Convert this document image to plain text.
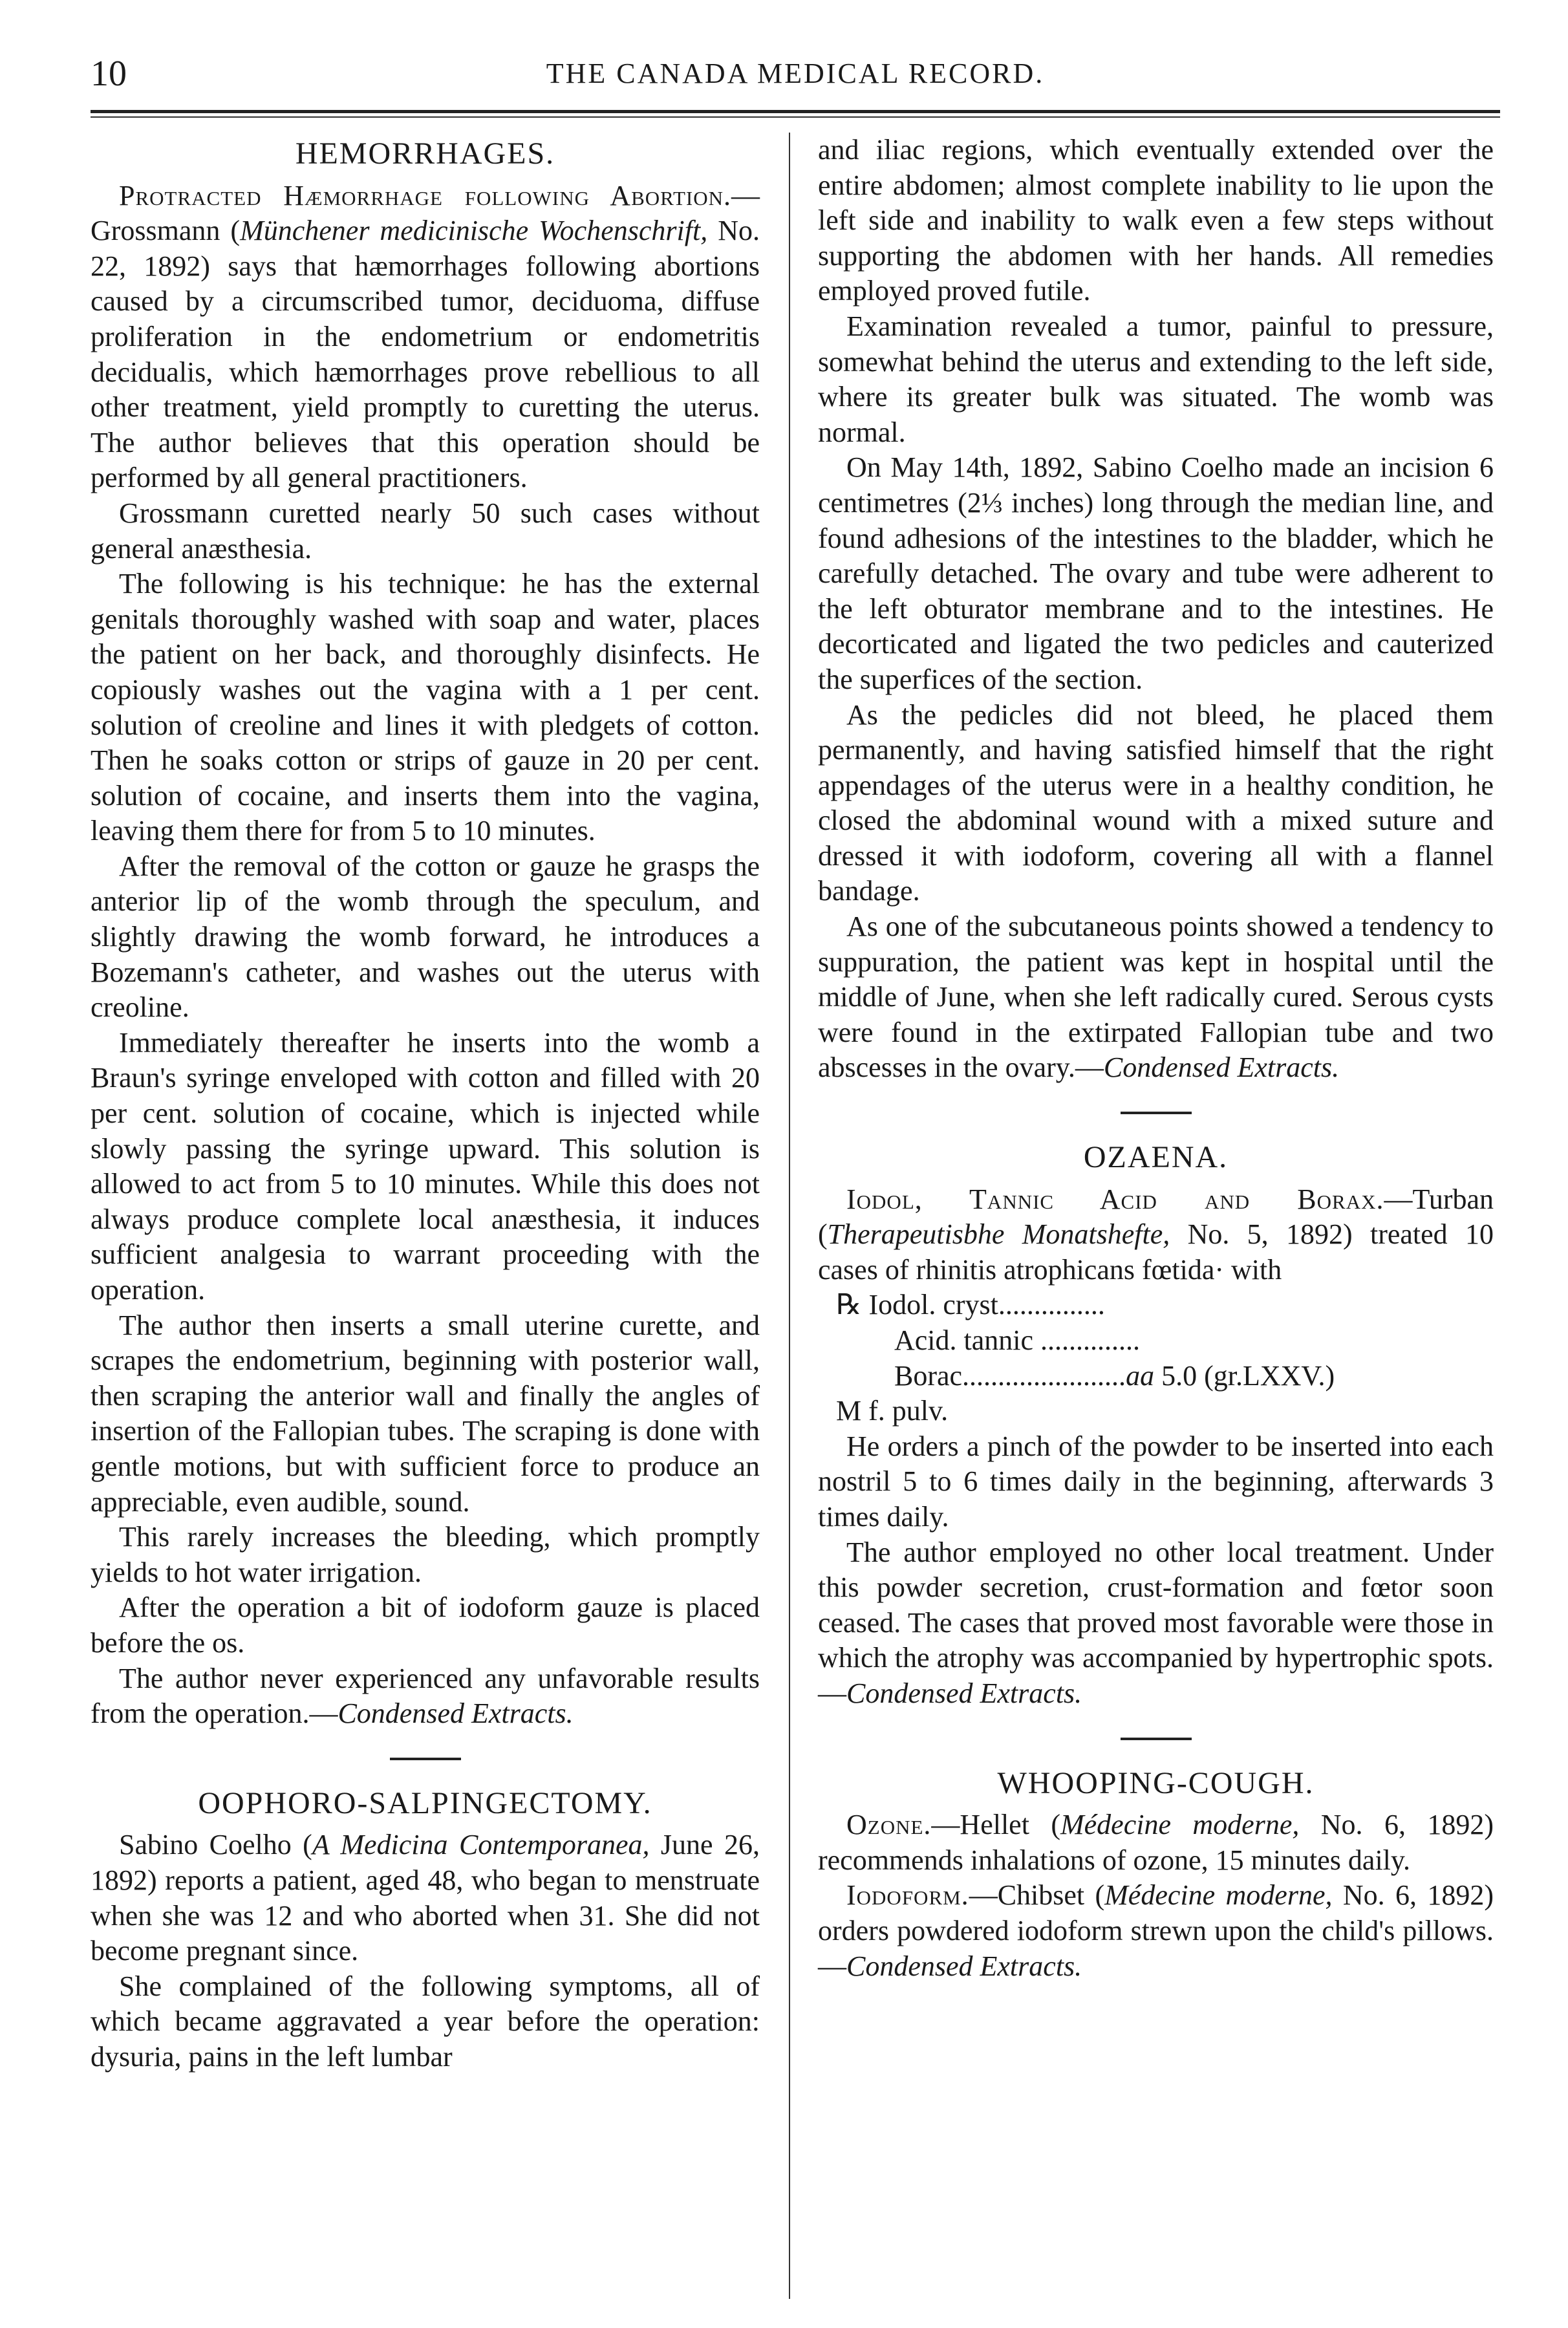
10	THE CANADA MEDICAL RECORD.
HEMORRHAGES.

Protracted Hæmorrhage following Abortion.—Grossmann (Münchener medicinische Wochenschrift, No. 22, 1892) says that hæmorrhages following abortions caused by a circumscribed tumor, deciduoma, diffuse proliferation in the endometrium or endometritis decidualis, which hæmorrhages prove rebellious to all other treatment, yield promptly to curetting the uterus. The author believes that this operation should be performed by all general practitioners.

Grossmann curetted nearly 50 such cases without general anæsthesia.

The following is his technique: he has the external genitals thoroughly washed with soap and water, places the patient on her back, and thoroughly disinfects. He copiously washes out the vagina with a 1 per cent. solution of creoline and lines it with pledgets of cotton. Then he soaks cotton or strips of gauze in 20 per cent. solution of cocaine, and inserts them into the vagina, leaving them there for from 5 to 10 minutes.

After the removal of the cotton or gauze he grasps the anterior lip of the womb through the speculum, and slightly drawing the womb forward, he introduces a Bozemann's catheter, and washes out the uterus with creoline.

Immediately thereafter he inserts into the womb a Braun's syringe enveloped with cotton and filled with 20 per cent. solution of cocaine, which is injected while slowly passing the syringe upward. This solution is allowed to act from 5 to 10 minutes. While this does not always produce complete local anæsthesia, it induces sufficient analgesia to warrant proceeding with the operation.

The author then inserts a small uterine curette, and scrapes the endometrium, beginning with posterior wall, then scraping the anterior wall and finally the angles of insertion of the Fallopian tubes. The scraping is done with gentle motions, but with sufficient force to produce an appreciable, even audible, sound.

This rarely increases the bleeding, which promptly yields to hot water irrigation.

After the operation a bit of iodoform gauze is placed before the os.

The author never experienced any unfavorable results from the operation.—Condensed Extracts.

OOPHORO-SALPINGECTOMY.

Sabino Coelho (A Medicina Contemporanea, June 26, 1892) reports a patient, aged 48, who began to menstruate when she was 12 and who aborted when 31. She did not become pregnant since.

She complained of the following symptoms, all of which became aggravated a year before the operation: dysuria, pains in the left lumbar

and iliac regions, which eventually extended over the entire abdomen; almost complete inability to lie upon the left side and inability to walk even a few steps without supporting the abdomen with her hands. All remedies employed proved futile.

Examination revealed a tumor, painful to pressure, somewhat behind the uterus and extending to the left side, where its greater bulk was situated. The womb was normal.

On May 14th, 1892, Sabino Coelho made an incision 6 centimetres (2⅓ inches) long through the median line, and found adhesions of the intestines to the bladder, which he carefully detached. The ovary and tube were adherent to the left obturator membrane and to the intestines. He decorticated and ligated the two pedicles and cauterized the superfices of the section.

As the pedicles did not bleed, he placed them permanently, and having satisfied himself that the right appendages of the uterus were in a healthy condition, he closed the abdominal wound with a mixed suture and dressed it with iodoform, covering all with a flannel bandage.

As one of the subcutaneous points showed a tendency to suppuration, the patient was kept in hospital until the middle of June, when she left radically cured. Serous cysts were found in the extirpated Fallopian tube and two abscesses in the ovary.—Condensed Extracts.

OZAENA.

Iodol, Tannic Acid and Borax.—Turban (Therapeutisbhe Monatshefte, No. 5, 1892) treated 10 cases of rhinitis atrophicans fœtida· with

℞ Iodol. cryst...............

Acid. tannic ..............

Borac.......................aa 5.0 (gr.LXXV.)

M f. pulv.

He orders a pinch of the powder to be inserted into each nostril 5 to 6 times daily in the beginning, afterwards 3 times daily.

The author employed no other local treatment. Under this powder secretion, crust-formation and fœtor soon ceased. The cases that proved most favorable were those in which the atrophy was accompanied by hypertrophic spots.—Condensed Extracts.

WHOOPING-COUGH.

Ozone.—Hellet (Médecine moderne, No. 6, 1892) recommends inhalations of ozone, 15 minutes daily.

Iodoform.—Chibset (Médecine moderne, No. 6, 1892) orders powdered iodoform strewn upon the child's pillows.—Condensed Extracts.
